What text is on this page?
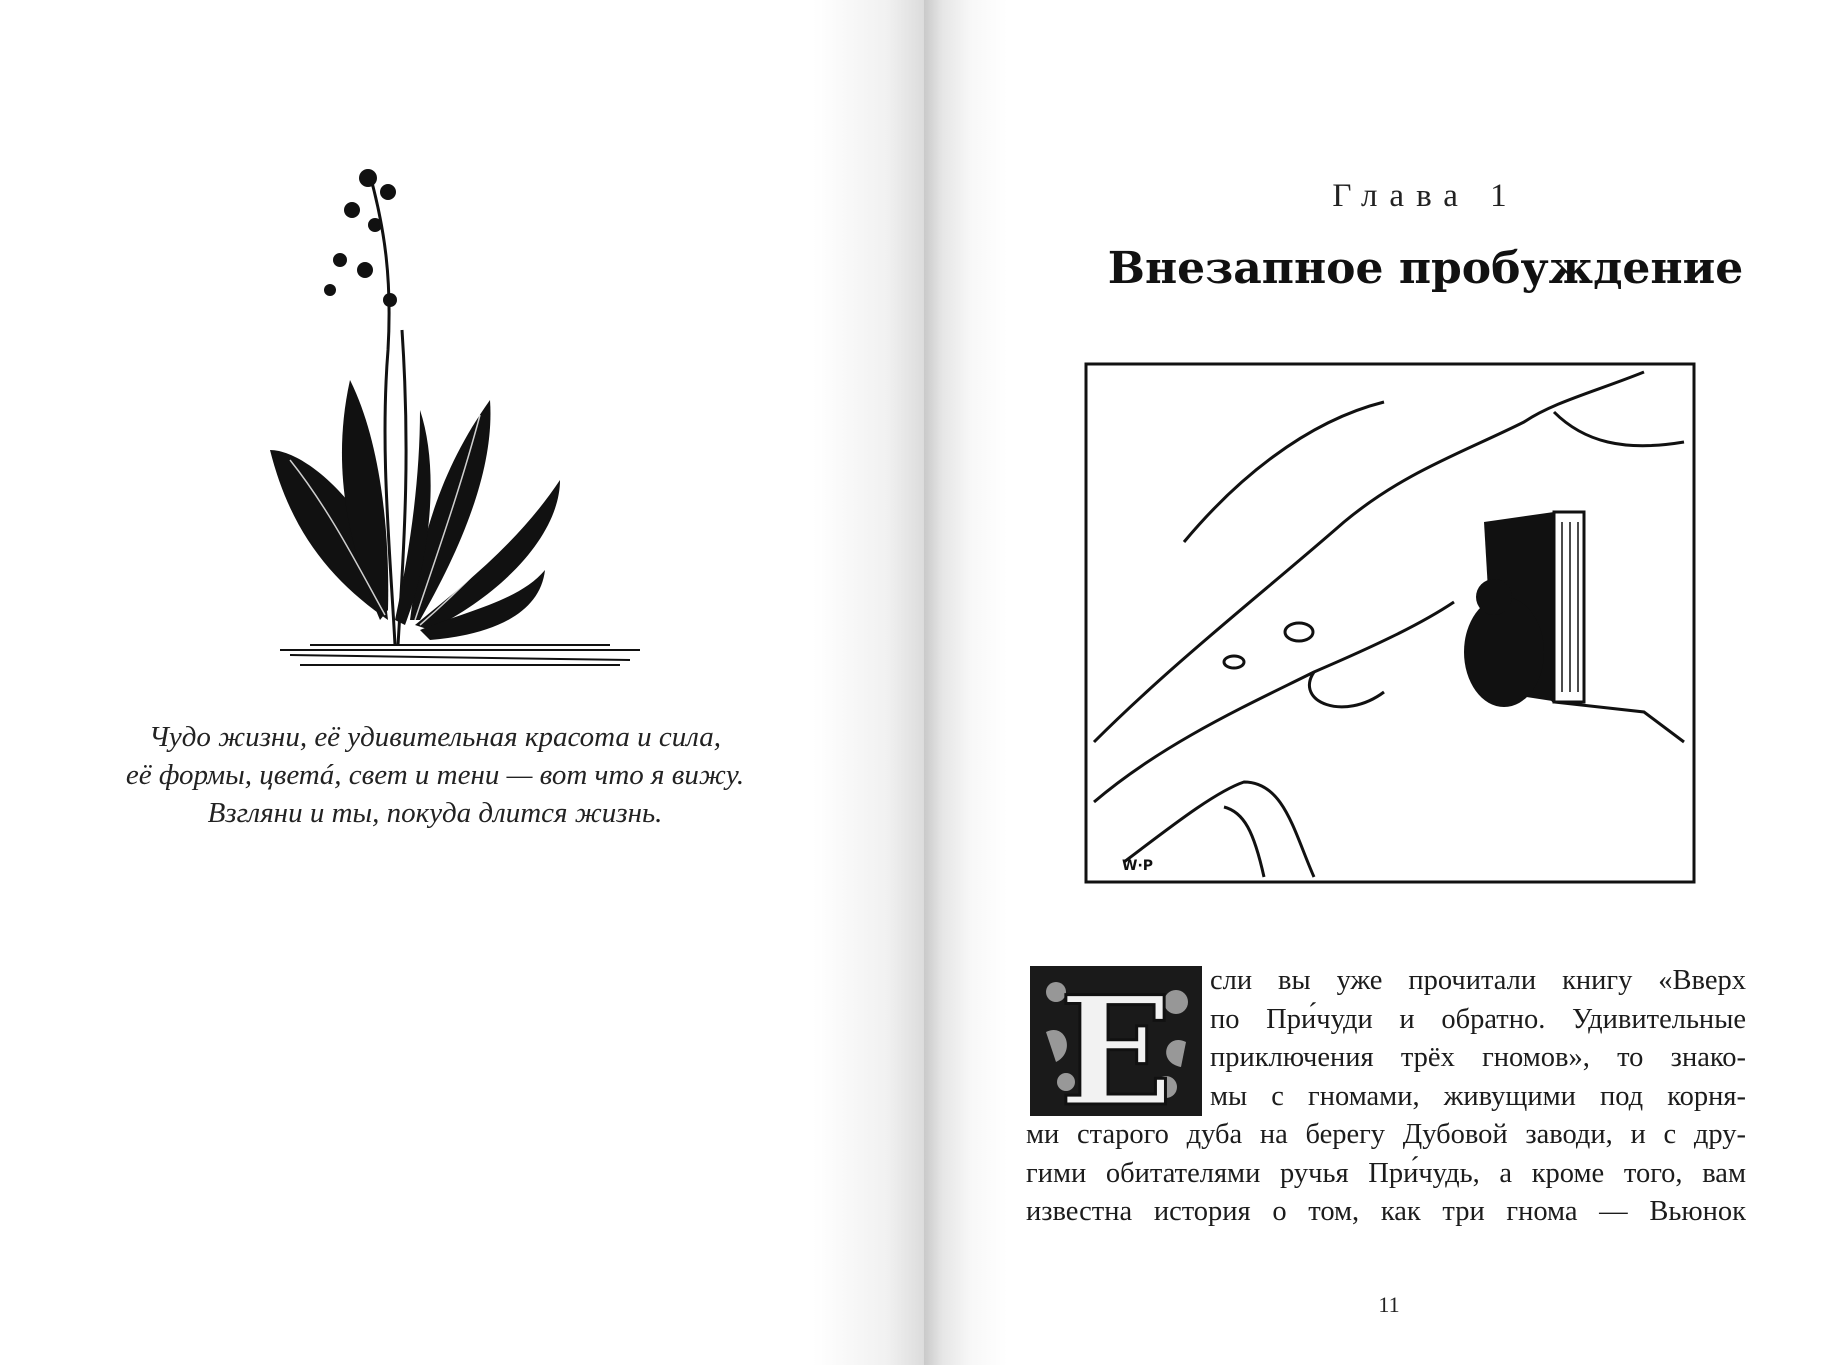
Чудо жизни, её удивительная красота и сила,
её формы, цветá, свет и тени — вот что я вижу.
Взгляни и ты, покуда длится жизнь.
Глава 1
Внезапное пробуждение
W·P
Е сли вы уже прочитали книгу «Вверх
по При́чуди и обратно. Удивительные
приключения трёх гномов», то знако-
мы с гномами, живущими под корня-
ми старого дуба на берегу Дубовой заводи, и с дру-
гими обитателями ручья При́чудь, а кроме того, вам
известна история о том, как три гнома — Вьюнок
11
